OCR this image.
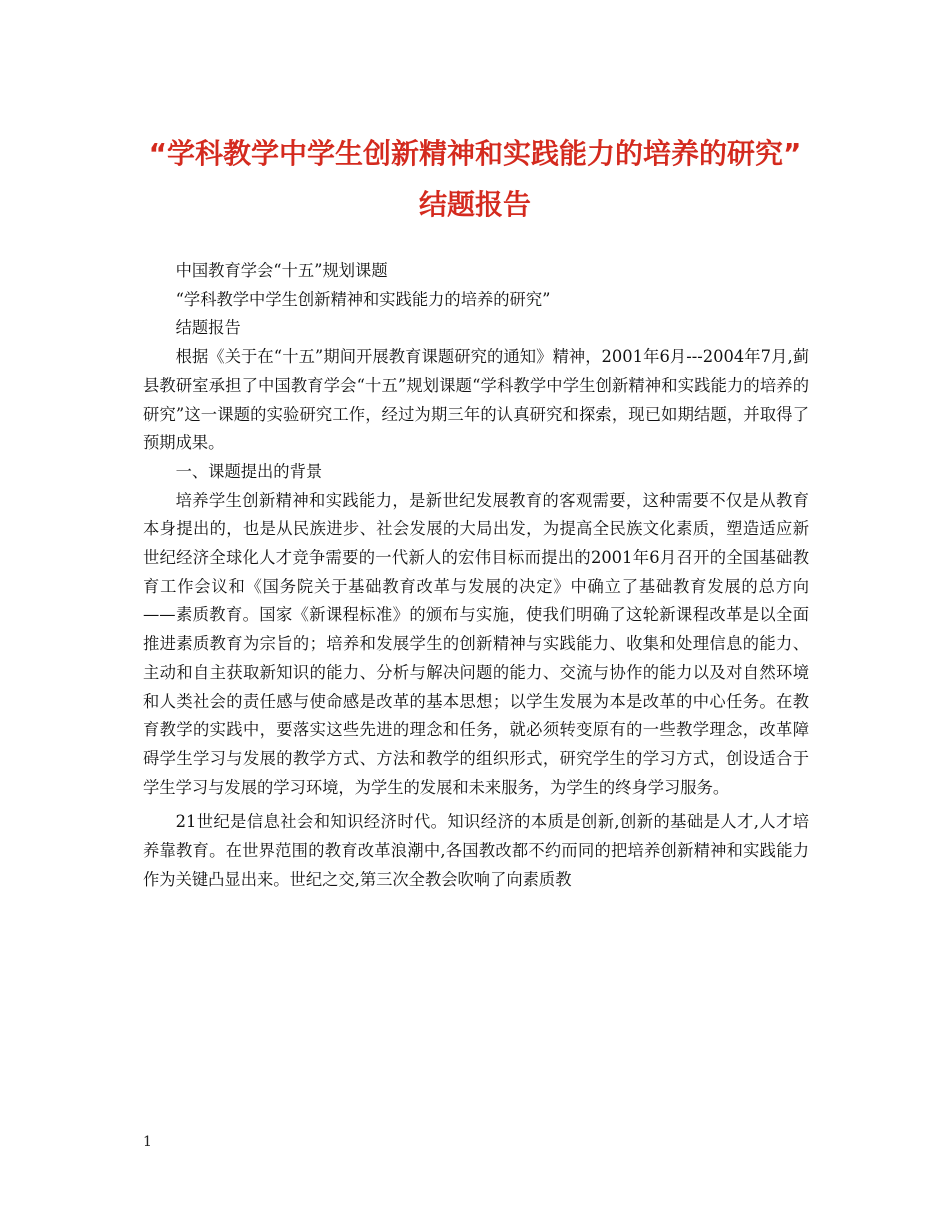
“学科教学中学生创新精神和实践能力的培养的研究”
结题报告

中国教育学会“十五”规划课题

“学科教学中学生创新精神和实践能力的培养的研究”

结题报告

根据《关于在“十五”期间开展教育课题研究的通知》精神，2001年6月---2004年7月,蓟县教研室承担了中国教育学会“十五”规划课题“学科教学中学生创新精神和实践能力的培养的研究”这一课题的实验研究工作，经过为期三年的认真研究和探索，现已如期结题，并取得了预期成果。

一、课题提出的背景

培养学生创新精神和实践能力，是新世纪发展教育的客观需要，这种需要不仅是从教育本身提出的，也是从民族进步、社会发展的大局出发，为提高全民族文化素质，塑造适应新世纪经济全球化人才竞争需要的一代新人的宏伟目标而提出的2001年6月召开的全国基础教育工作会议和《国务院关于基础教育改革与发展的决定》中确立了基础教育发展的总方向——素质教育。国家《新课程标准》的颁布与实施，使我们明确了这轮新课程改革是以全面推进素质教育为宗旨的；培养和发展学生的创新精神与实践能力、收集和处理信息的能力、主动和自主获取新知识的能力、分析与解决问题的能力、交流与协作的能力以及对自然环境和人类社会的责任感与使命感是改革的基本思想；以学生发展为本是改革的中心任务。在教育教学的实践中，要落实这些先进的理念和任务，就必须转变原有的一些教学理念，改革障碍学生学习与发展的教学方式、方法和教学的组织形式，研究学生的学习方式，创设适合于学生学习与发展的学习环境，为学生的发展和未来服务，为学生的终身学习服务。

21世纪是信息社会和知识经济时代。知识经济的本质是创新,创新的基础是人才,人才培养靠教育。在世界范围的教育改革浪潮中,各国教改都不约而同的把培养创新精神和实践能力作为关键凸显出来。世纪之交,第三次全教会吹响了向素质教

1
